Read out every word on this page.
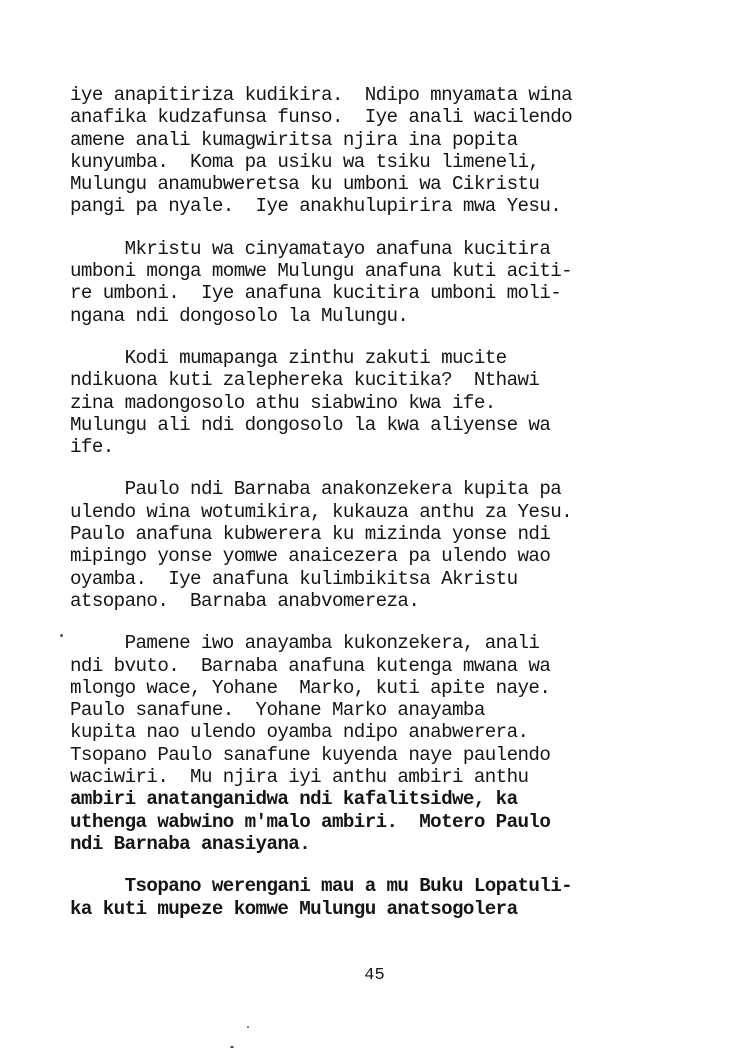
iye anapitiriza kudikira.  Ndipo mnyamata wina
anafika kudzafunsa funso.  Iye anali wacilendo
amene anali kumagwiritsa njira ina popita
kunyumba.  Koma pa usiku wa tsiku limeneli,
Mulungu anamubweretsa ku umboni wa Cikristu
pangi pa nyale.  Iye anakhulupirira mwa Yesu.
Mkristu wa cinyamatayo anafuna kucitira
umboni monga momwe Mulungu anafuna kuti aciti-
re umboni.  Iye anafuna kucitira umboni moli-
ngana ndi dongosolo la Mulungu.
Kodi mumapanga zinthu zakuti mucite
ndikuona kuti zalephereka kucitika?  Nthawi
zina madongosolo athu siabwino kwa ife.
Mulungu ali ndi dongosolo la kwa aliyense wa
ife.
Paulo ndi Barnaba anakonzekera kupita pa
ulendo wina wotumikira, kukauza anthu za Yesu.
Paulo anafuna kubwerera ku mizinda yonse ndi
mipingo yonse yomwe anaicezera pa ulendo wao
oyamba.  Iye anafuna kulimbikitsa Akristu
atsopano.  Barnaba anabvomereza.
Pamene iwo anayamba kukonzekera, anali
ndi bvuto.  Barnaba anafuna kutenga mwana wa
mlongo wace, Yohane  Marko, kuti apite naye.
Paulo sanafune.  Yohane Marko anayamba
kupita nao ulendo oyamba ndipo anabwerera.
Tsopano Paulo sanafune kuyenda naye paulendo
waciwiri.  Mu njira iyi anthu ambiri anthu
ambiri anatanganidwa ndi kafalitsidwe, ka
uthenga wabwino m'malo ambiri.  Motero Paulo
ndi Barnaba anasiyana.
Tsopano werengani mau a mu Buku Lopatuli-
ka kuti mupeze komwe Mulungu anatsogolera
45
